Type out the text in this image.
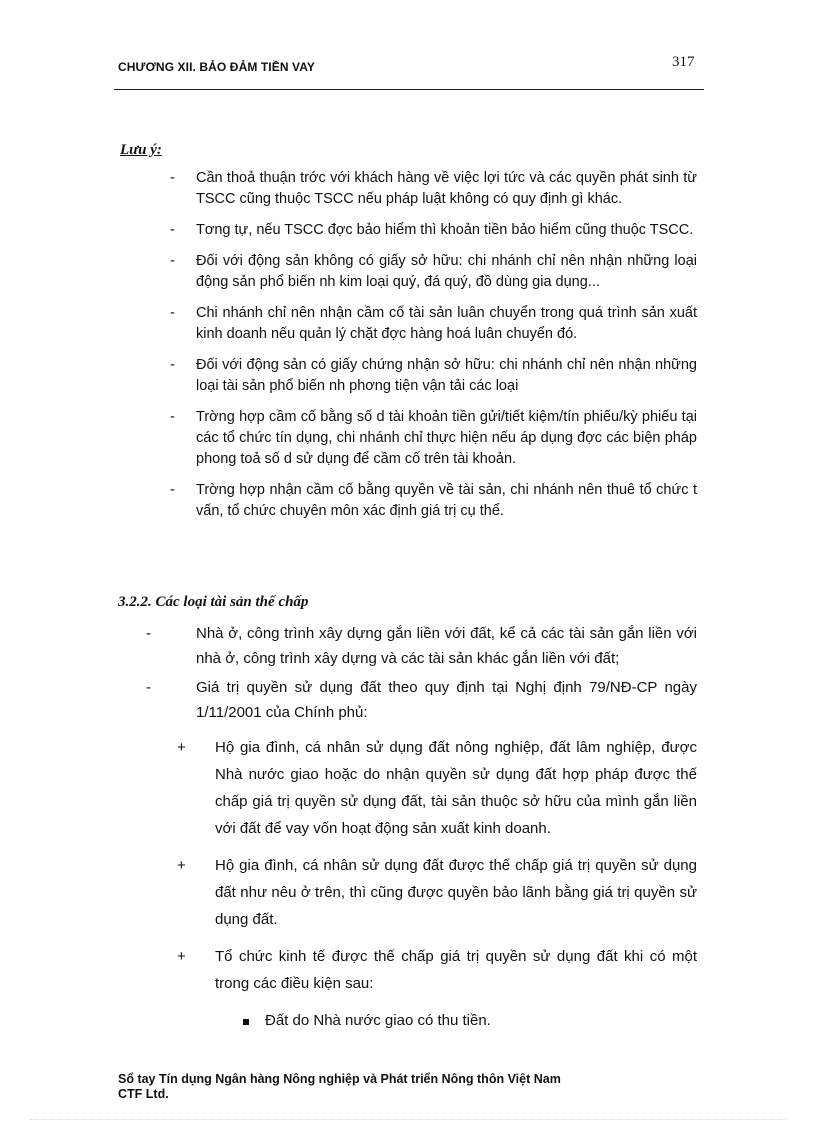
CHƯƠNG XII. BẢO ĐẢM TIỀN VAY	317
Lưu ý:
- Cần thoả thuận trớc với khách hàng về việc lợi tức và các quyền phát sinh từ TSCC cũng thuộc TSCC nếu pháp luật không có quy định gì khác.
- Tơng tự, nếu TSCC đợc bảo hiểm thì khoản tiền bảo hiểm cũng thuộc TSCC.
- Đối với động sản không có giấy sở hữu: chi nhánh chỉ nên nhận những loại động sản phổ biến nh kim loại quý, đá quý, đồ dùng gia dụng...
- Chi nhánh chỉ nên nhận cầm cố tài sản luân chuyển trong quá trình sản xuất kinh doanh nếu quản lý chặt đợc hàng hoá luân chuyển đó.
- Đối với động sản có giấy chứng nhận sở hữu: chi nhánh chỉ nên nhận những loại tài sản phổ biến nh phơng tiện vận tải các loại
- Trờng hợp cầm cố bằng số d tài khoản tiền gửi/tiết kiệm/tín phiếu/kỳ phiếu tại các tổ chức tín dụng, chi nhánh chỉ thực hiện nếu áp dụng đợc các biện pháp phong toả số d sử dụng để cầm cố trên tài khoản.
- Trờng hợp nhận cầm cố bằng quyền về tài sản, chi nhánh nên thuê tổ chức t vấn, tổ chức chuyên môn xác định giá trị cụ thể.
3.2.2. Các loại tài sản thế chấp
-	Nhà ở, công trình xây dựng gắn liền với đất, kể cả các tài sản gắn liền với nhà ở, công trình xây dựng và các tài sản khác gắn liền với đất;
-	Giá trị quyền sử dụng đất theo quy định tại Nghị định 79/NĐ-CP ngày 1/11/2001 của Chính phủ:
+ Hộ gia đình, cá nhân sử dụng đất nông nghiệp, đất lâm nghiệp, được Nhà nước giao hoặc do nhận quyền sử dụng đất hợp pháp được thế chấp giá trị quyền sử dụng đất, tài sản thuộc sở hữu của mình gắn liền với đất để vay vốn hoạt động sản xuất kinh doanh.
+ Hộ gia đình, cá nhân sử dụng đất được thế chấp giá trị quyền sử dụng đất như nêu ở trên, thì cũng được quyền bảo lãnh bằng giá trị quyền sử dụng đất.
+ Tổ chức kinh tế được thế chấp giá trị quyền sử dụng đất khi có một trong các điều kiện sau:
Đất do Nhà nước giao có thu tiền.
Sổ tay Tín dụng Ngân hàng Nông nghiệp và Phát triển Nông thôn Việt Nam
CTF Ltd.
